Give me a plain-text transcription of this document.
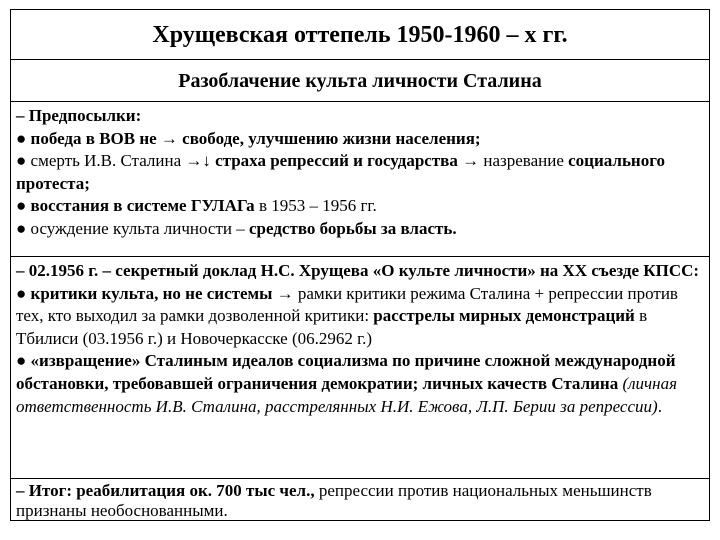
Хрущевская оттепель 1950-1960 – х гг.
Разоблачение культа личности Сталина

– Предпосылки:

● победа в ВОВ не → свободе, улучшению жизни населения;

● смерть И.В. Сталина →↓ страха репрессий и государства → назревание социального протеста;

● восстания в системе ГУЛАГа в 1953 – 1956 гг.

● осуждение культа личности – средство борьбы за власть.

– 02.1956 г. – секретный доклад Н.С. Хрущева «О культе личности» на XX съезде КПСС:

● критики культа, но не системы → рамки критики режима Сталина + репрессии против тех, кто выходил за рамки дозволенной критики: расстрелы мирных демонстраций в Тбилиси (03.1956 г.) и Новочеркасске (06.2962 г.)

● «извращение» Сталиным идеалов социализма по причине сложной международной обстановки, требовавшей ограничения демократии; личных качеств Сталина (личная ответственность И.В. Сталина, расстрелянных Н.И. Ежова, Л.П. Берии за репрессии).

– Итог: реабилитация ок. 700 тыс чел., репрессии против национальных меньшинств признаны необоснованными.
